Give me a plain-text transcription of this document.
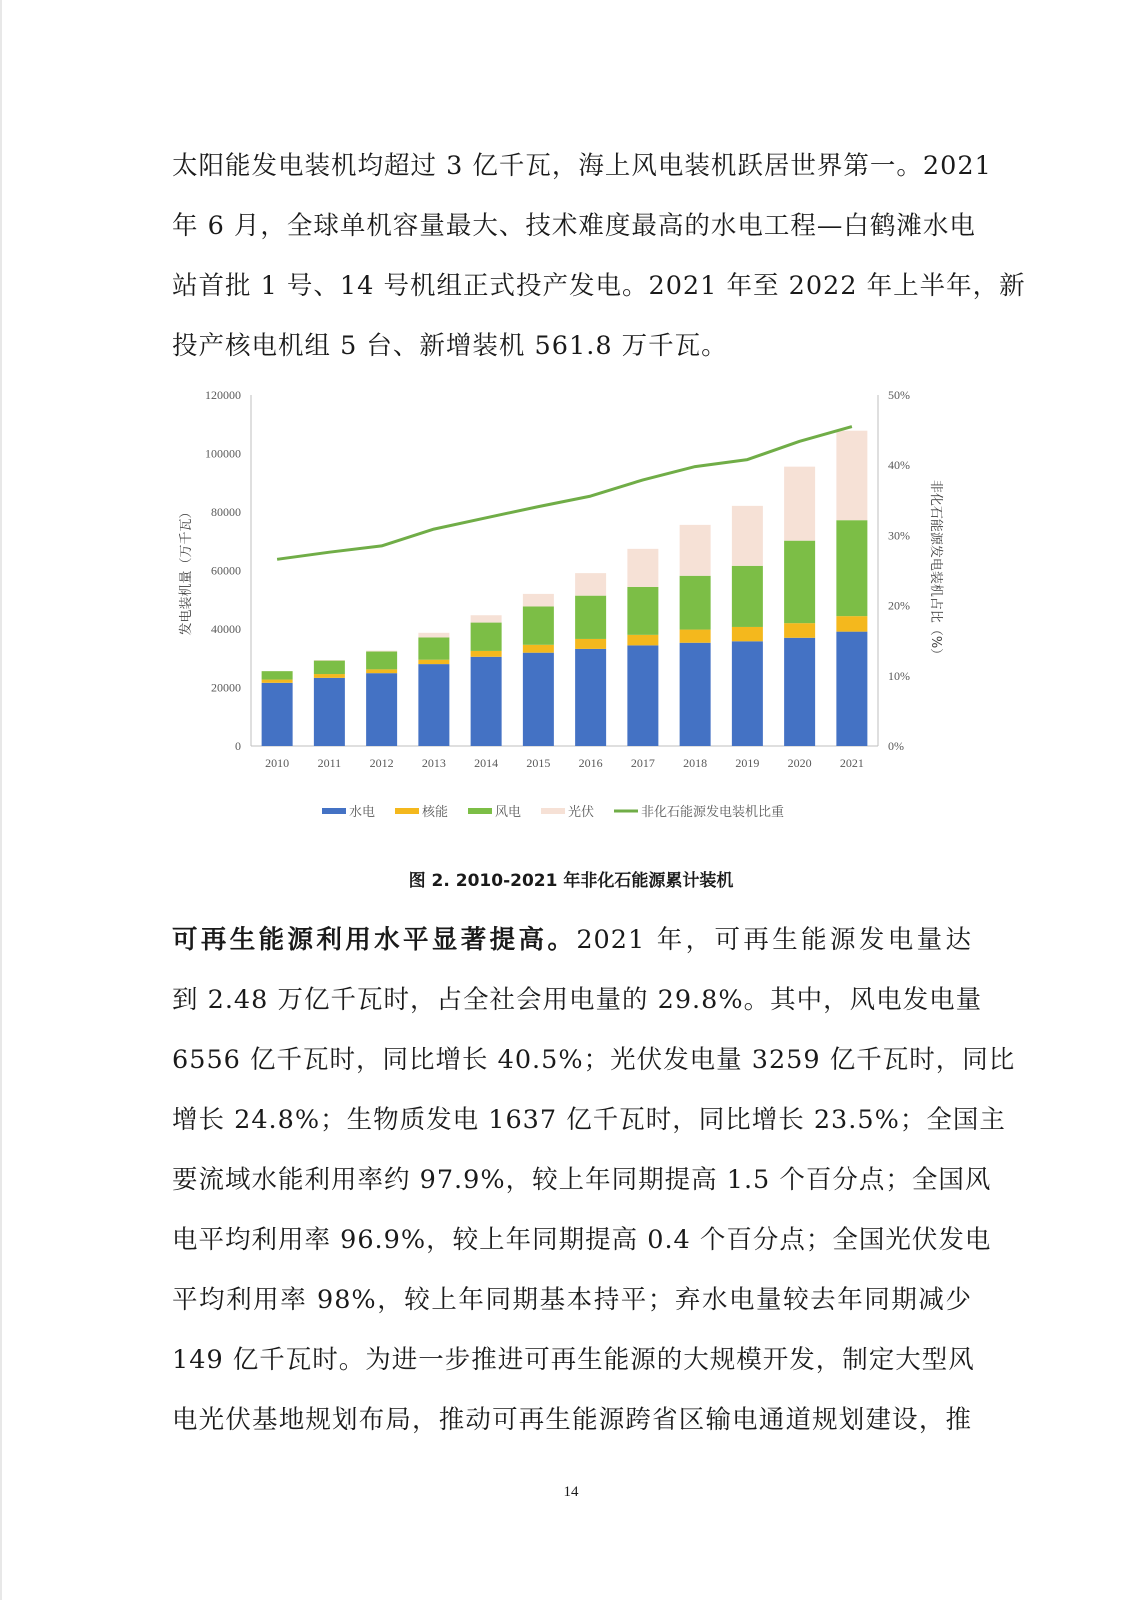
太阳能发电装机均超过 3 亿千瓦，海上风电装机跃居世界第一。2021
年 6 月，全球单机容量最大、技术难度最高的水电工程—白鹤滩水电
站首批 1 号、14 号机组正式投产发电。2021 年至 2022 年上半年，新
投产核电机组 5 台、新增装机 561.8 万千瓦。
发电装机量（万千瓦）	非化石能源发电装机占比（%）
0
20000
40000
60000
80000
100000
120000
0%
10%
20%
30%
40%
50%
2010 2011 2012 2013 2014 2015 2016 2017 2018 2019 2020 2021
水电	核能	风电	光伏	非化石能源发电装机比重
图 2. 2010-2021 年非化石能源累计装机
可再生能源利用水平显著提高。2021 年，可再生能源发电量达
到 2.48 万亿千瓦时，占全社会用电量的 29.8%。其中，风电发电量
6556 亿千瓦时，同比增长 40.5%；光伏发电量 3259 亿千瓦时，同比
增长 24.8%；生物质发电 1637 亿千瓦时，同比增长 23.5%；全国主
要流域水能利用率约 97.9%，较上年同期提高 1.5 个百分点；全国风
电平均利用率 96.9%，较上年同期提高 0.4 个百分点；全国光伏发电
平均利用率 98%，较上年同期基本持平；弃水电量较去年同期减少
149 亿千瓦时。为进一步推进可再生能源的大规模开发，制定大型风
电光伏基地规划布局，推动可再生能源跨省区输电通道规划建设，推
14
